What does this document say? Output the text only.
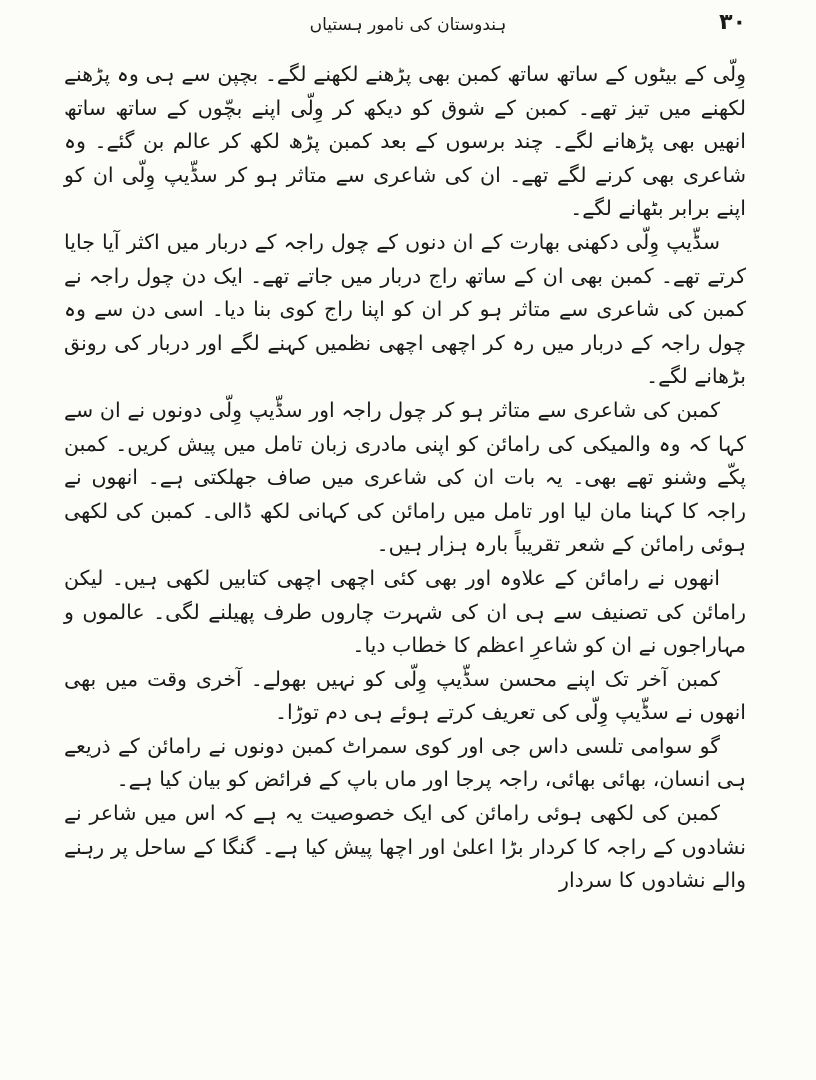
۳۰
ہندوستان کی نامور ہستیاں

وِلّی کے بیٹوں کے ساتھ ساتھ کمبن بھی پڑھنے لکھنے لگے۔ بچپن سے ہی وہ پڑھنے لکھنے میں تیز تھے۔ کمبن کے شوق کو دیکھ کر وِلّی اپنے بچّوں کے ساتھ ساتھ انھیں بھی پڑھانے لگے۔ چند برسوں کے بعد کمبن پڑھ لکھ کر عالم بن گئے۔ وہ شاعری بھی کرنے لگے تھے۔ ان کی شاعری سے متاثر ہو کر سڈّیپ وِلّی ان کو اپنے برابر بٹھانے لگے۔

سڈّیپ وِلّی دکھنی بھارت کے ان دنوں کے چول راجہ کے دربار میں اکثر آیا جایا کرتے تھے۔ کمبن بھی ان کے ساتھ راج دربار میں جاتے تھے۔ ایک دن چول راجہ نے کمبن کی شاعری سے متاثر ہو کر ان کو اپنا راج کوی بنا دیا۔ اسی دن سے وہ چول راجہ کے دربار میں رہ کر اچھی اچھی نظمیں کہنے لگے اور دربار کی رونق بڑھانے لگے۔

کمبن کی شاعری سے متاثر ہو کر چول راجہ اور سڈّیپ وِلّی دونوں نے ان سے کہا کہ وہ والمیکی کی رامائن کو اپنی مادری زبان تامل میں پیش کریں۔ کمبن پکّے وشنو تھے بھی۔ یہ بات ان کی شاعری میں صاف جھلکتی ہے۔ انھوں نے راجہ کا کہنا مان لیا اور تامل میں رامائن کی کہانی لکھ ڈالی۔ کمبن کی لکھی ہوئی رامائن کے شعر تقریباً بارہ ہزار ہیں۔

انھوں نے رامائن کے علاوہ اور بھی کئی اچھی اچھی کتابیں لکھی ہیں۔ لیکن رامائن کی تصنیف سے ہی ان کی شہرت چاروں طرف پھیلنے لگی۔ عالموں و مہاراجوں نے ان کو شاعرِ اعظم کا خطاب دیا۔

کمبن آخر تک اپنے محسن سڈّیپ وِلّی کو نہیں بھولے۔ آخری وقت میں بھی انھوں نے سڈّیپ وِلّی کی تعریف کرتے ہوئے ہی دم توڑا۔

گو سوامی تلسی داس جی اور کوی سمراٹ کمبن دونوں نے رامائن کے ذریعے ہی انسان، بھائی بھائی، راجہ پرجا اور ماں باپ کے فرائض کو بیان کیا ہے۔

کمبن کی لکھی ہوئی رامائن کی ایک خصوصیت یہ ہے کہ اس میں شاعر نے نشادوں کے راجہ کا کردار بڑا اعلیٰ اور اچھا پیش کیا ہے۔ گنگا کے ساحل پر رہنے والے نشادوں کا سردار
